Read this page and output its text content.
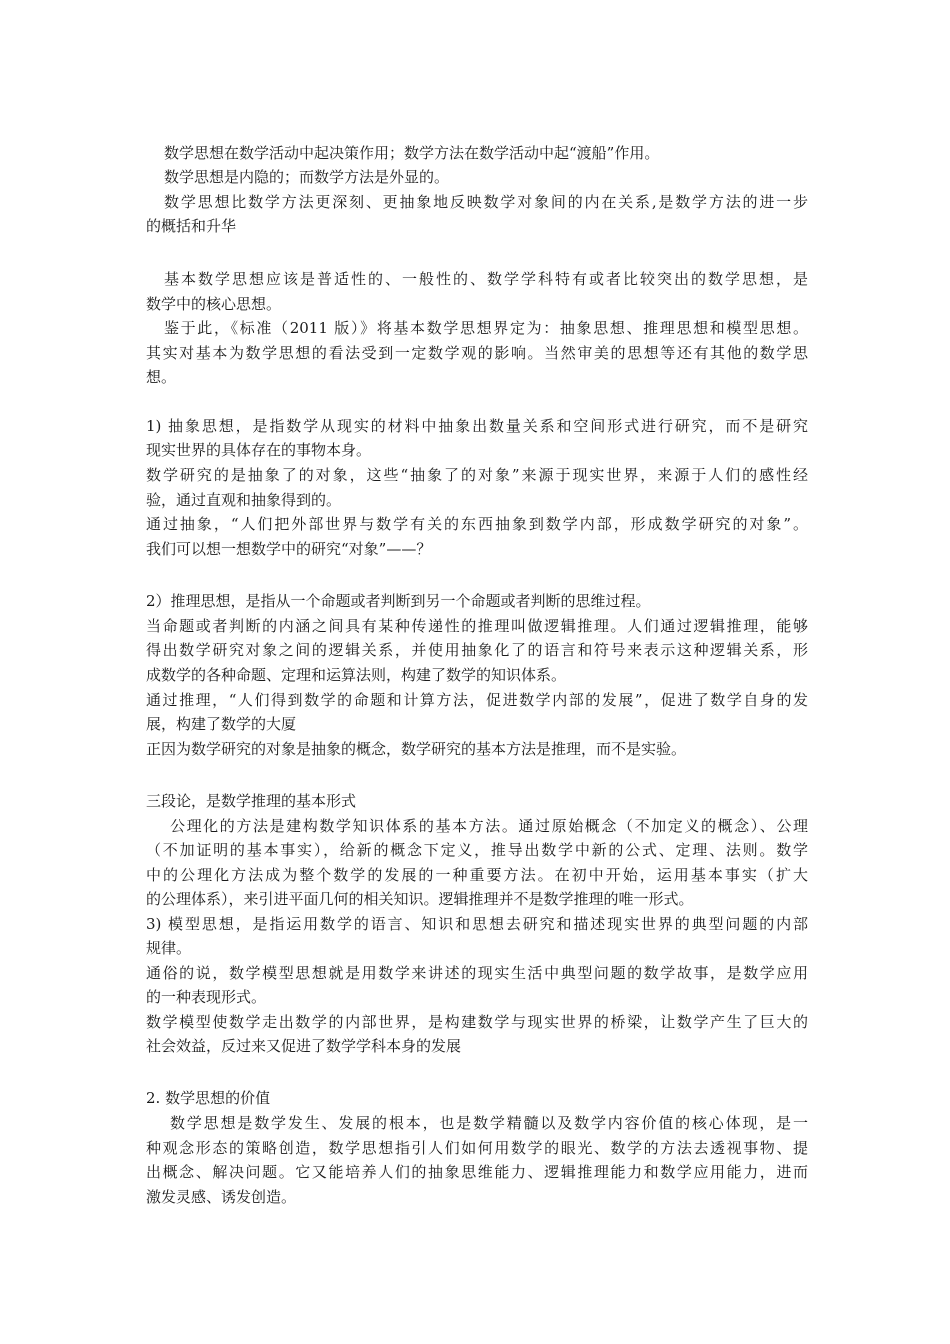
数学思想在数学活动中起决策作用；数学方法在数学活动中起“渡船”作用。
数学思想是内隐的；而数学方法是外显的。
数学思想比数学方法更深刻、更抽象地反映数学对象间的内在关系,是数学方法的进一步
的概括和升华
基本数学思想应该是普适性的、一般性的、数学学科特有或者比较突出的数学思想，是
数学中的核心思想。
鉴于此，《标准（2011 版）》将基本数学思想界定为：抽象思想、推理思想和模型思想。
其实对基本为数学思想的看法受到一定数学观的影响。当然审美的思想等还有其他的数学思
想。
1) 抽象思想，是指数学从现实的材料中抽象出数量关系和空间形式进行研究，而不是研究
现实世界的具体存在的事物本身。
数学研究的是抽象了的对象，这些“抽象了的对象”来源于现实世界，来源于人们的感性经
验，通过直观和抽象得到的。
通过抽象，“人们把外部世界与数学有关的东西抽象到数学内部，形成数学研究的对象”。
我们可以想一想数学中的研究“对象”——？
2）推理思想，是指从一个命题或者判断到另一个命题或者判断的思维过程。
当命题或者判断的内涵之间具有某种传递性的推理叫做逻辑推理。人们通过逻辑推理，能够
得出数学研究对象之间的逻辑关系，并使用抽象化了的语言和符号来表示这种逻辑关系，形
成数学的各种命题、定理和运算法则，构建了数学的知识体系。
通过推理，“人们得到数学的命题和计算方法，促进数学内部的发展”，促进了数学自身的发
展，构建了数学的大厦
正因为数学研究的对象是抽象的概念，数学研究的基本方法是推理，而不是实验。
三段论，是数学推理的基本形式
公理化的方法是建构数学知识体系的基本方法。通过原始概念（不加定义的概念）、公理
（不加证明的基本事实），给新的概念下定义，推导出数学中新的公式、定理、法则。数学
中的公理化方法成为整个数学的发展的一种重要方法。在初中开始，运用基本事实（扩大
的公理体系），来引进平面几何的相关知识。逻辑推理并不是数学推理的唯一形式。
3) 模型思想，是指运用数学的语言、知识和思想去研究和描述现实世界的典型问题的内部
规律。
通俗的说，数学模型思想就是用数学来讲述的现实生活中典型问题的数学故事，是数学应用
的一种表现形式。
数学模型使数学走出数学的内部世界，是构建数学与现实世界的桥梁，让数学产生了巨大的
社会效益，反过来又促进了数学学科本身的发展
2. 数学思想的价值
数学思想是数学发生、发展的根本，也是数学精髓以及数学内容价值的核心体现，是一
种观念形态的策略创造，数学思想指引人们如何用数学的眼光、数学的方法去透视事物、提
出概念、解决问题。它又能培养人们的抽象思维能力、逻辑推理能力和数学应用能力，进而
激发灵感、诱发创造。
